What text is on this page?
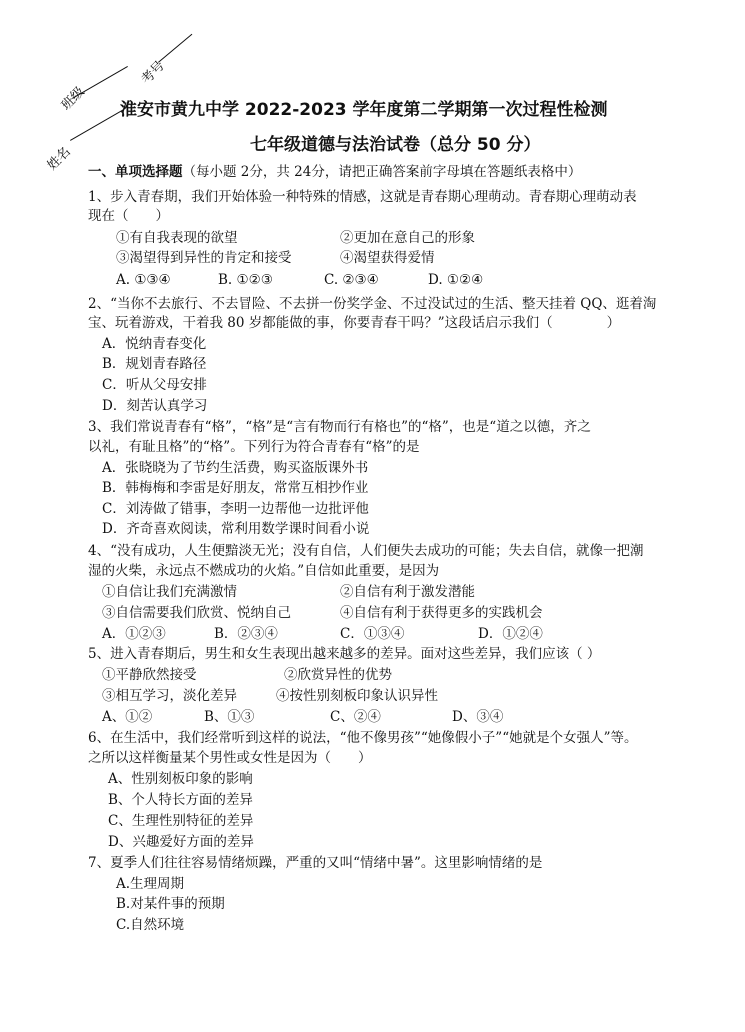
班级
考号
姓名
淮安市黄九中学 2022-2023 学年度第二学期第一次过程性检测
七年级道德与法治试卷（总分 50 分）
一、单项选择题（每小题 2分，共 24分，请把正确答案前字母填在答题纸表格中）
1、步入青春期，我们开始体验一种特殊的情感，这就是青春期心理萌动。青春期心理萌动表
现在（　　）
①有自我表现的欲望	②更加在意自己的形象
③渴望得到异性的肯定和接受	④渴望获得爱情
A. ①③④	B. ①②③	C. ②③④	D. ①②④
2、“当你不去旅行、不去冒险、不去拼一份奖学金、不过没试过的生活、整天挂着 QQ、逛着淘
宝、玩着游戏，干着我 80 岁都能做的事，你要青春干吗？”这段话启示我们（　　　　）
A．悦纳青春变化
B．规划青春路径
C．听从父母安排
D．刻苦认真学习
3、我们常说青春有“格”，“格”是“言有物而行有格也”的“格”，也是“道之以德，齐之
以礼，有耻且格”的“格”。下列行为符合青春有“格”的是
A．张晓晓为了节约生活费，购买盗版课外书
B．韩梅梅和李雷是好朋友，常常互相抄作业
C．刘涛做了错事，李明一边帮他一边批评他
D．齐奇喜欢阅读，常利用数学课时间看小说
4、“没有成功，人生便黯淡无光；没有自信，人们便失去成功的可能；失去自信，就像一把潮
湿的火柴，永远点不燃成功的火焰。”自信如此重要，是因为
①自信让我们充满激情	②自信有利于激发潜能
③自信需要我们欣赏、悦纳自己	④自信有利于获得更多的实践机会
A．①②③	B．②③④	C．①③④	D．①②④
5、进入青春期后，男生和女生表现出越来越多的差异。面对这些差异，我们应该（ ）
①平静欣然接受	②欣赏异性的优势
③相互学习，淡化差异	④按性别刻板印象认识异性
A、①②	B、①③	C、②④	D、③④
6、在生活中，我们经常听到这样的说法，“他不像男孩”“她像假小子”“她就是个女强人”等。
之所以这样衡量某个男性或女性是因为（　　）
A、性别刻板印象的影响
B、个人特长方面的差异
C、生理性别特征的差异
D、兴趣爱好方面的差异
7、夏季人们往往容易情绪烦躁，严重的又叫“情绪中暑”。这里影响情绪的是
A.生理周期
B.对某件事的预期
C.自然环境
